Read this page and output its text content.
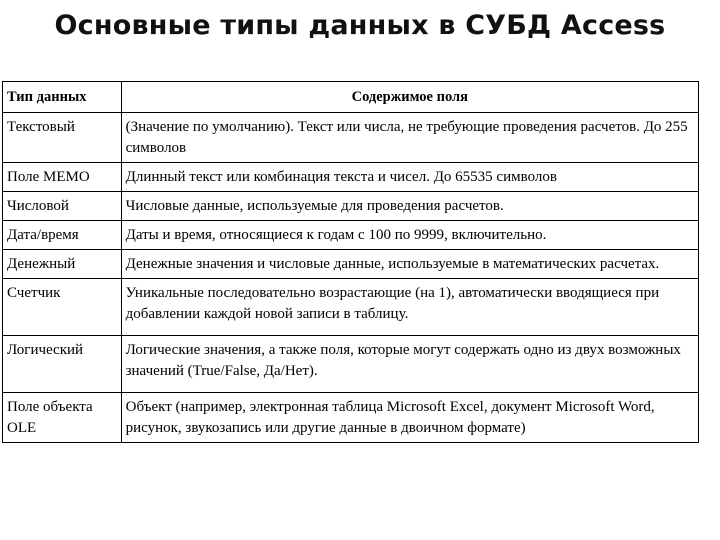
Основные типы данных в СУБД Access
Тип данных	Содержимое поля
Текстовый	(Значение по умолчанию). Текст или числа, не требующие проведения расчетов. До 255 символов
Поле MEMO	Длинный текст или комбинация текста и чисел. До 65535 символов
Числовой	Числовые данные, используемые для проведения расчетов.
Дата/время	Даты и время, относящиеся к годам с 100 по 9999, включительно.
Денежный	Денежные значения и числовые данные, используемые в математических расчетах.
Счетчик	Уникальные последовательно возрастающие (на 1), автоматически вводящиеся при добавлении каждой новой записи в таблицу.
Логический	Логические значения, а также поля, которые могут содержать одно из двух возможных значений (True/False, Да/Нет).
Поле объекта OLE	Объект (например, электронная таблица Microsoft Excel, документ Microsoft Word, рисунок, звукозапись или другие данные в двоичном формате)
